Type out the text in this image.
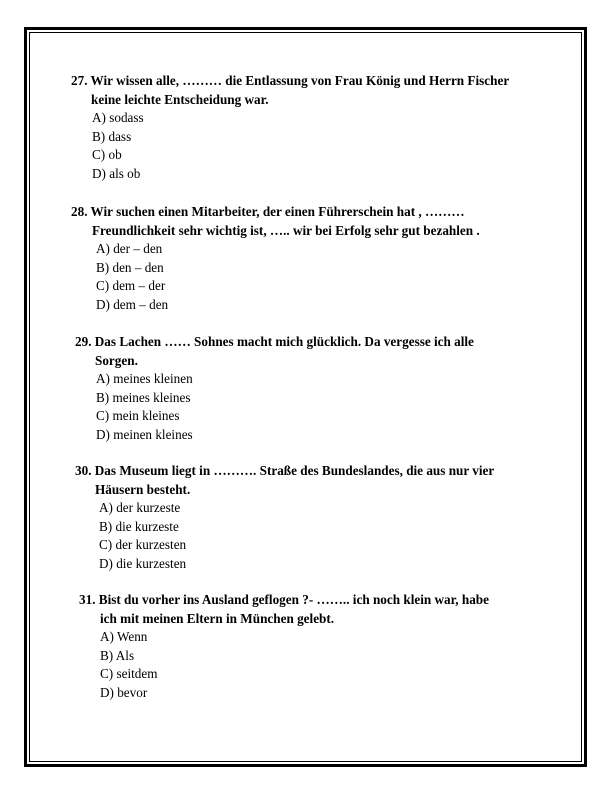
27. Wir wissen alle, ……… die Entlassung von Frau König und Herrn Fischer
keine leichte Entscheidung war.
A) sodass
B) dass
C) ob
D) als ob
28. Wir suchen einen Mitarbeiter, der einen Führerschein hat , ………
Freundlichkeit sehr wichtig ist, ….. wir bei Erfolg sehr gut bezahlen .
A) der – den
B) den – den
C) dem – der
D) dem – den
29. Das Lachen …… Sohnes macht mich glücklich. Da vergesse ich alle
Sorgen.
A) meines kleinen
B) meines kleines
C) mein kleines
D) meinen kleines
30. Das Museum liegt in ………. Straße des Bundeslandes, die aus nur vier
Häusern besteht.
A) der kurzeste
B) die kurzeste
C) der kurzesten
D) die kurzesten
31. Bist du vorher ins Ausland geflogen ?- …….. ich noch klein war, habe
ich mit meinen Eltern in München gelebt.
A) Wenn
B) Als
C) seitdem
D) bevor
